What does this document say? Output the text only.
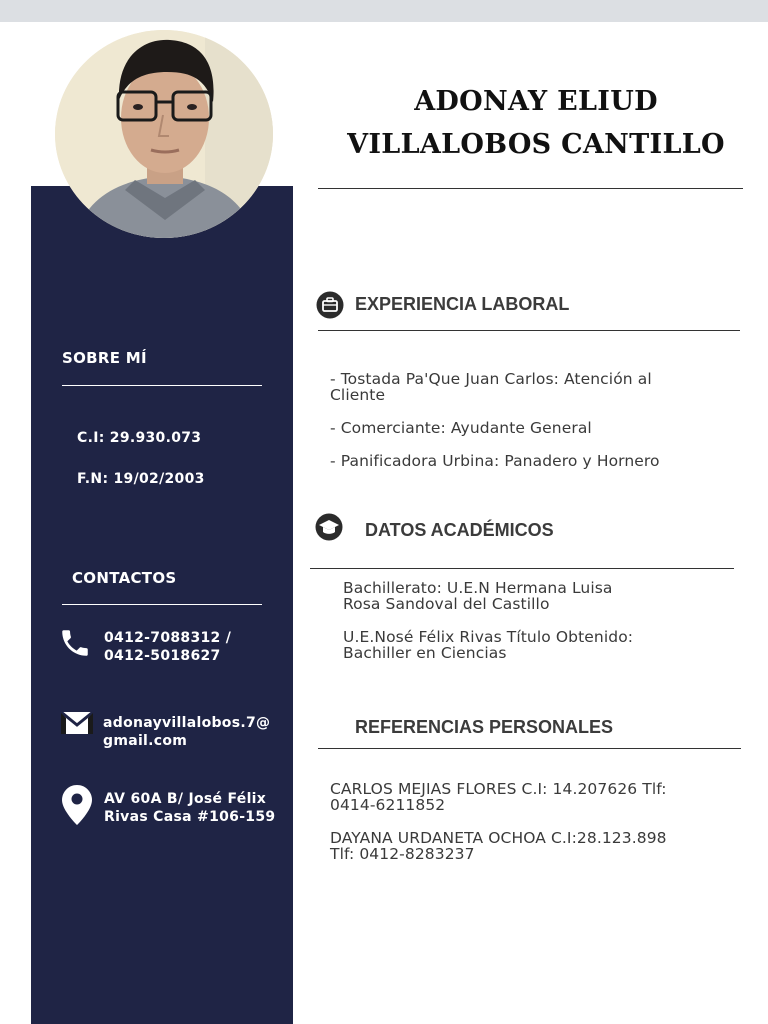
ADONAY ELIUD
VILLALOBOS CANTILLO
SOBRE MÍ
C.I: 29.930.073
F.N: 19/02/2003
CONTACTOS
0412-7088312 /
0412-5018627
adonayvillalobos.7@
gmail.com
AV 60A B/ José Félix
Rivas Casa #106-159
EXPERIENCIA LABORAL
- Tostada Pa'Que Juan Carlos: Atención al
Cliente
- Comerciante: Ayudante General
- Panificadora Urbina: Panadero y Hornero
DATOS ACADÉMICOS
Bachillerato: U.E.N Hermana Luisa
Rosa Sandoval del Castillo
U.E.Nosé Félix Rivas Título Obtenido:
Bachiller en Ciencias
REFERENCIAS PERSONALES
CARLOS MEJIAS FLORES C.I: 14.207626 Tlf:
0414-6211852
DAYANA URDANETA OCHOA C.I:28.123.898
Tlf: 0412-8283237
